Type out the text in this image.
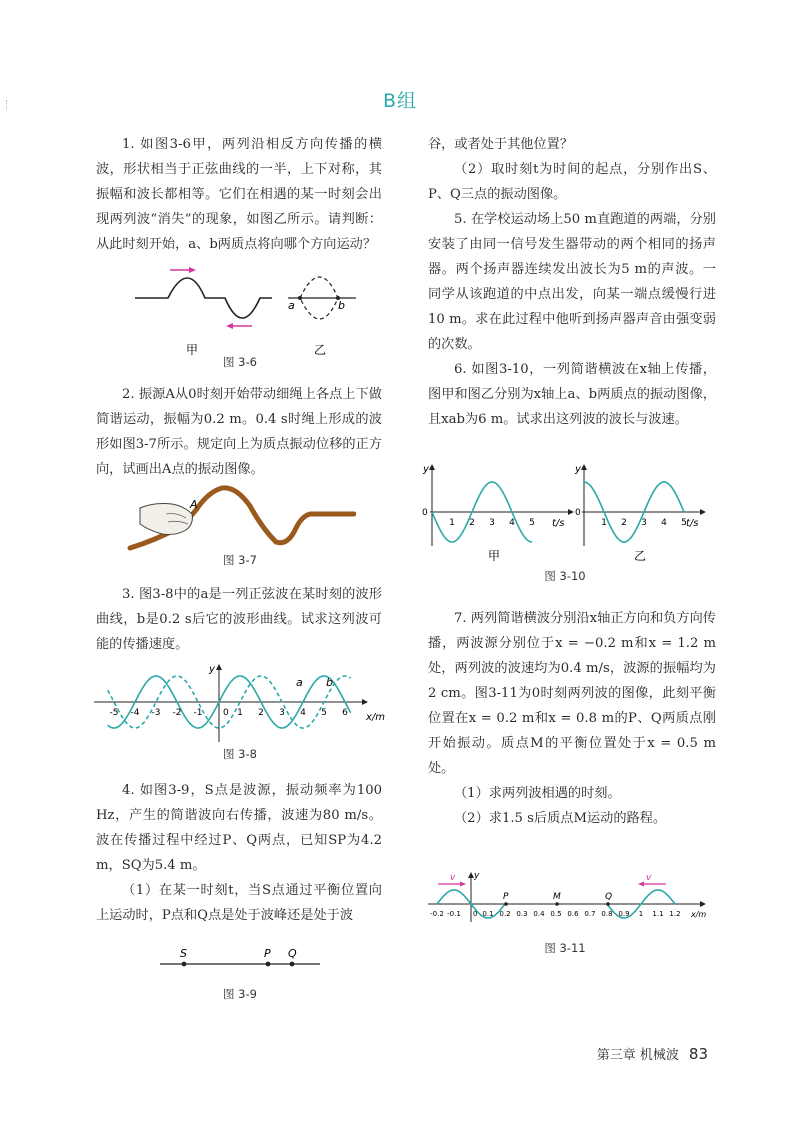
B组

1. 如图3-6甲，两列沿相反方向传播的横波，形状相当于正弦曲线的一半，上下对称，其振幅和波长都相等。它们在相遇的某一时刻会出现两列波“消失”的现象，如图乙所示。请判断：从此时刻开始，a、b两质点将向哪个方向运动？

a	b
甲	乙
图 3-6

2. 振源A从0时刻开始带动细绳上各点上下做简谐运动，振幅为0.2 m。0.4 s时绳上形成的波形如图3-7所示。规定向上为质点振动位移的正方向，试画出A点的振动图像。

A
图 3-7

3. 图3-8中的a是一列正弦波在某时刻的波形曲线，b是0.2 s后它的波形曲线。试求这列波可能的传播速度。

-5 -4 -3 -2 -1	1 2 3 4 5 6
0
y
x/m
a b
图 3-8

4. 如图3-9，S点是波源，振动频率为100 Hz，产生的简谐波向右传播，波速为80 m/s。波在传播过程中经过P、Q两点，已知SP为4.2 m，SQ为5.4 m。

（1）在某一时刻t，当S点通过平衡位置向上运动时，P点和Q点是处于波峰还是处于波

S	P Q
图 3-9

谷，或者处于其他位置？

（2）取时刻t为时间的起点，分别作出S、P、Q三点的振动图像。

5. 在学校运动场上50 m直跑道的两端，分别安装了由同一信号发生器带动的两个相同的扬声器。两个扬声器连续发出波长为5 m的声波。一同学从该跑道的中点出发，向某一端点缓慢行进10 m。求在此过程中他听到扬声器声音由强变弱的次数。

6. 如图3-10，一列简谐横波在x轴上传播，图甲和图乙分别为x轴上a、b两质点的振动图像，且xab为6 m。试求出这列波的波长与波速。

1	1
2	2
3	3
4	4
5	5
0	0
y	y
t/s	t/s
甲	乙
图 3-10

7. 两列简谐横波分别沿x轴正方向和负方向传播，两波源分别位于x = −0.2 m和x = 1.2 m处，两列波的波速均为0.4 m/s，波源的振幅均为2 cm。图3-11为0时刻两列波的图像，此刻平衡位置在x = 0.2 m和x = 0.8 m的P、Q两质点刚开始振动。质点M的平衡位置处于x = 0.5 m处。

（1）求两列波相遇的时刻。

（2）求1.5 s后质点M运动的路程。

-0.2 -0.1	0.1 0.2 0.3 0.4 0.5 0.6 0.7 0.8 0.9 1 1.1 1.2
P	M	Q
y
x/m
0
v	v
图 3-11
第三章 机械波 83
